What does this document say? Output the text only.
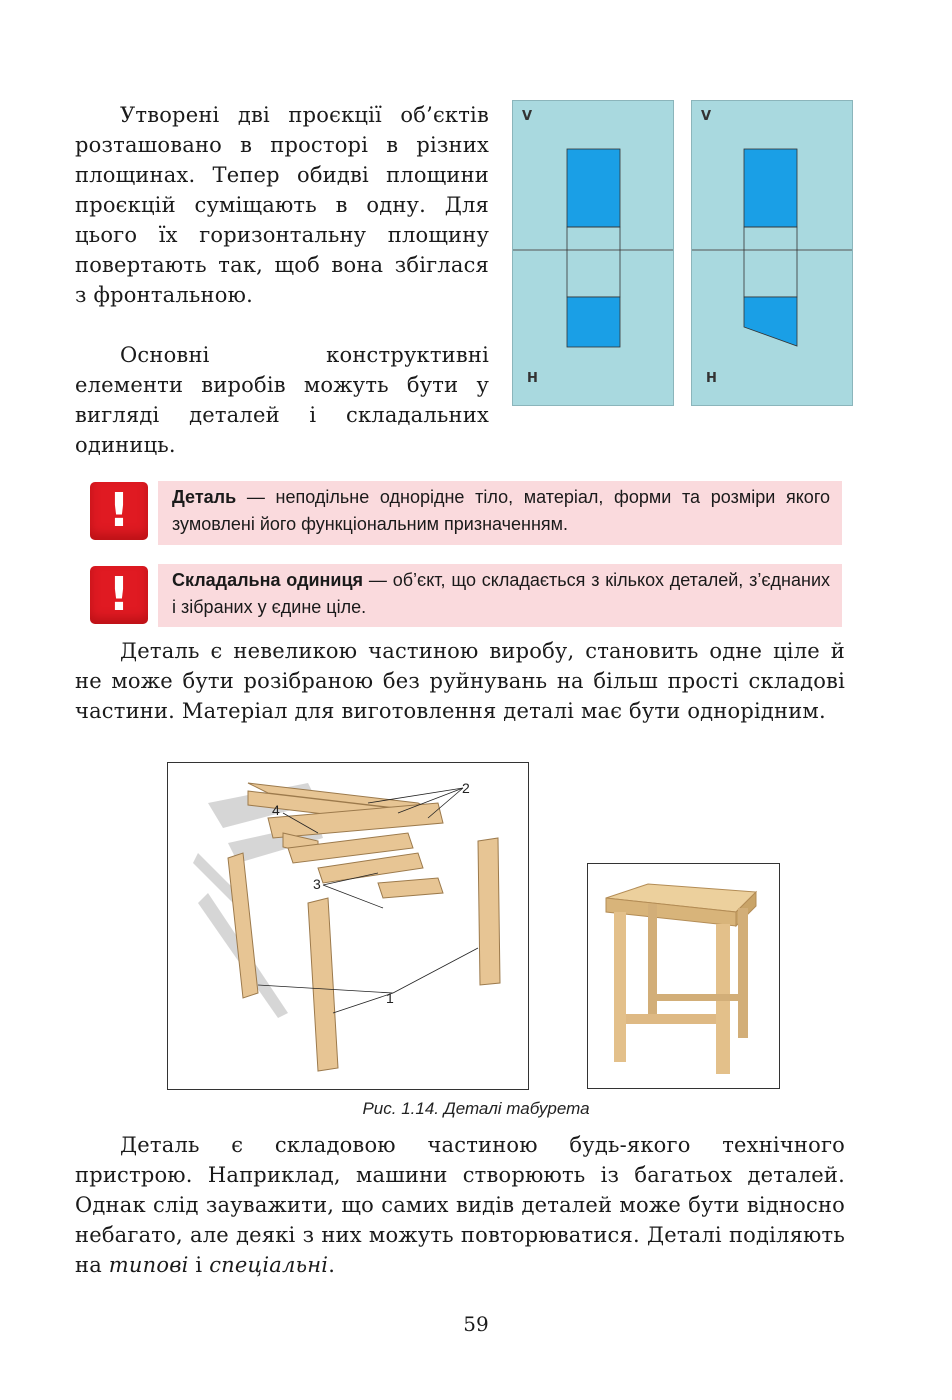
Утворені дві проєкції об’єктів розташовано в просторі в різних площинах. Тепер обидві площини проєкцій суміщають в одну. Для цього їх горизонтальну площину повертають так, щоб вона збіглася з фронтальною.

Основні конструктивні елементи виробів можуть бути у вигляді деталей і складальних одиниць.

V
H
V
H
!	Деталь — неподільне однорідне тіло, матеріал, форми та розміри якого зумовлені його функціональним призначенням.
!	Складальна одиниця — об’єкт, що складається з кількох деталей, з’єднаних і зібраних у єдине ціле.

Деталь є невеликою частиною виробу, становить одне ціле й не може бути розібраною без руйнувань на більш прості складові частини. Матеріал для виготовлення деталі має бути однорідним.

2
4
3
1
Рис. 1.14. Деталі табурета

Деталь є складовою частиною будь-якого технічного пристрою. Наприклад, машини створюють із багатьох деталей. Однак слід зауважити, що самих видів деталей може бути відносно небагато, але деякі з них можуть повторюватися. Деталі поділяють на типові і спеціальні.

59
